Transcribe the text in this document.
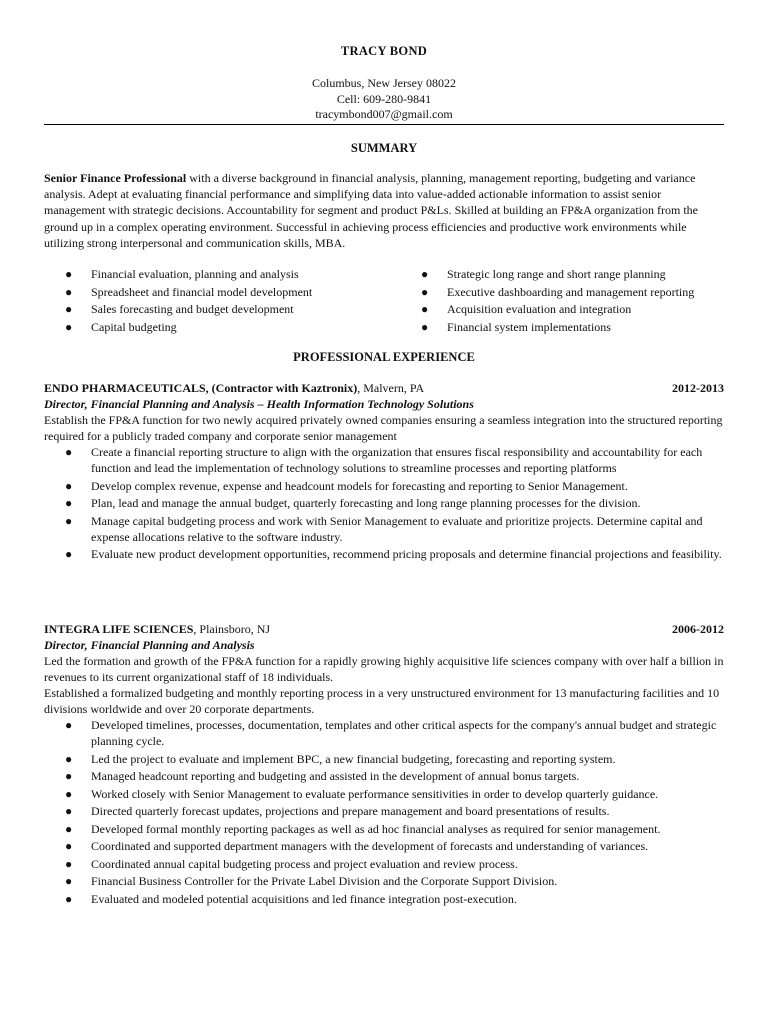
TRACY BOND
Columbus, New Jersey 08022
Cell: 609-280-9841
tracymbond007@gmail.com
SUMMARY
Senior Finance Professional with a diverse background in financial analysis, planning, management reporting, budgeting and variance analysis. Adept at evaluating financial performance and simplifying data into value-added actionable information to assist senior management with strategic decisions. Accountability for segment and product P&Ls. Skilled at building an FP&A organization from the ground up in a complex operating environment. Successful in achieving process efficiencies and productive work environments while utilizing strong interpersonal and communication skills, MBA.
● Financial evaluation, planning and analysis
● Spreadsheet and financial model development
● Sales forecasting and budget development
● Capital budgeting
● Strategic long range and short range planning
● Executive dashboarding and management reporting
● Acquisition evaluation and integration
● Financial system implementations
PROFESSIONAL EXPERIENCE
ENDO PHARMACEUTICALS, (Contractor with Kaztronix), Malvern, PA	2012-2013
Director, Financial Planning and Analysis – Health Information Technology Solutions
Establish the FP&A function for two newly acquired privately owned companies ensuring a seamless integration into the structured reporting required for a publicly traded company and corporate senior management
● Create a financial reporting structure to align with the organization that ensures fiscal responsibility and accountability for each function and lead the implementation of technology solutions to streamline processes and reporting platforms
● Develop complex revenue, expense and headcount models for forecasting and reporting to Senior Management.
● Plan, lead and manage the annual budget, quarterly forecasting and long range planning processes for the division.
● Manage capital budgeting process and work with Senior Management to evaluate and prioritize projects. Determine capital and expense allocations relative to the software industry.
● Evaluate new product development opportunities, recommend pricing proposals and determine financial projections and feasibility.
INTEGRA LIFE SCIENCES, Plainsboro, NJ	2006-2012
Director, Financial Planning and Analysis
Led the formation and growth of the FP&A function for a rapidly growing highly acquisitive life sciences company with over half a billion in revenues to its current organizational staff of 18 individuals.
Established a formalized budgeting and monthly reporting process in a very unstructured environment for 13 manufacturing facilities and 10 divisions worldwide and over 20 corporate departments.
● Developed timelines, processes, documentation, templates and other critical aspects for the company's annual budget and strategic planning cycle.
● Led the project to evaluate and implement BPC, a new financial budgeting, forecasting and reporting system.
● Managed headcount reporting and budgeting and assisted in the development of annual bonus targets.
● Worked closely with Senior Management to evaluate performance sensitivities in order to develop quarterly guidance.
● Directed quarterly forecast updates, projections and prepare management and board presentations of results.
● Developed formal monthly reporting packages as well as ad hoc financial analyses as required for senior management.
● Coordinated and supported department managers with the development of forecasts and understanding of variances.
● Coordinated annual capital budgeting process and project evaluation and review process.
● Financial Business Controller for the Private Label Division and the Corporate Support Division.
● Evaluated and modeled potential acquisitions and led finance integration post-execution.
